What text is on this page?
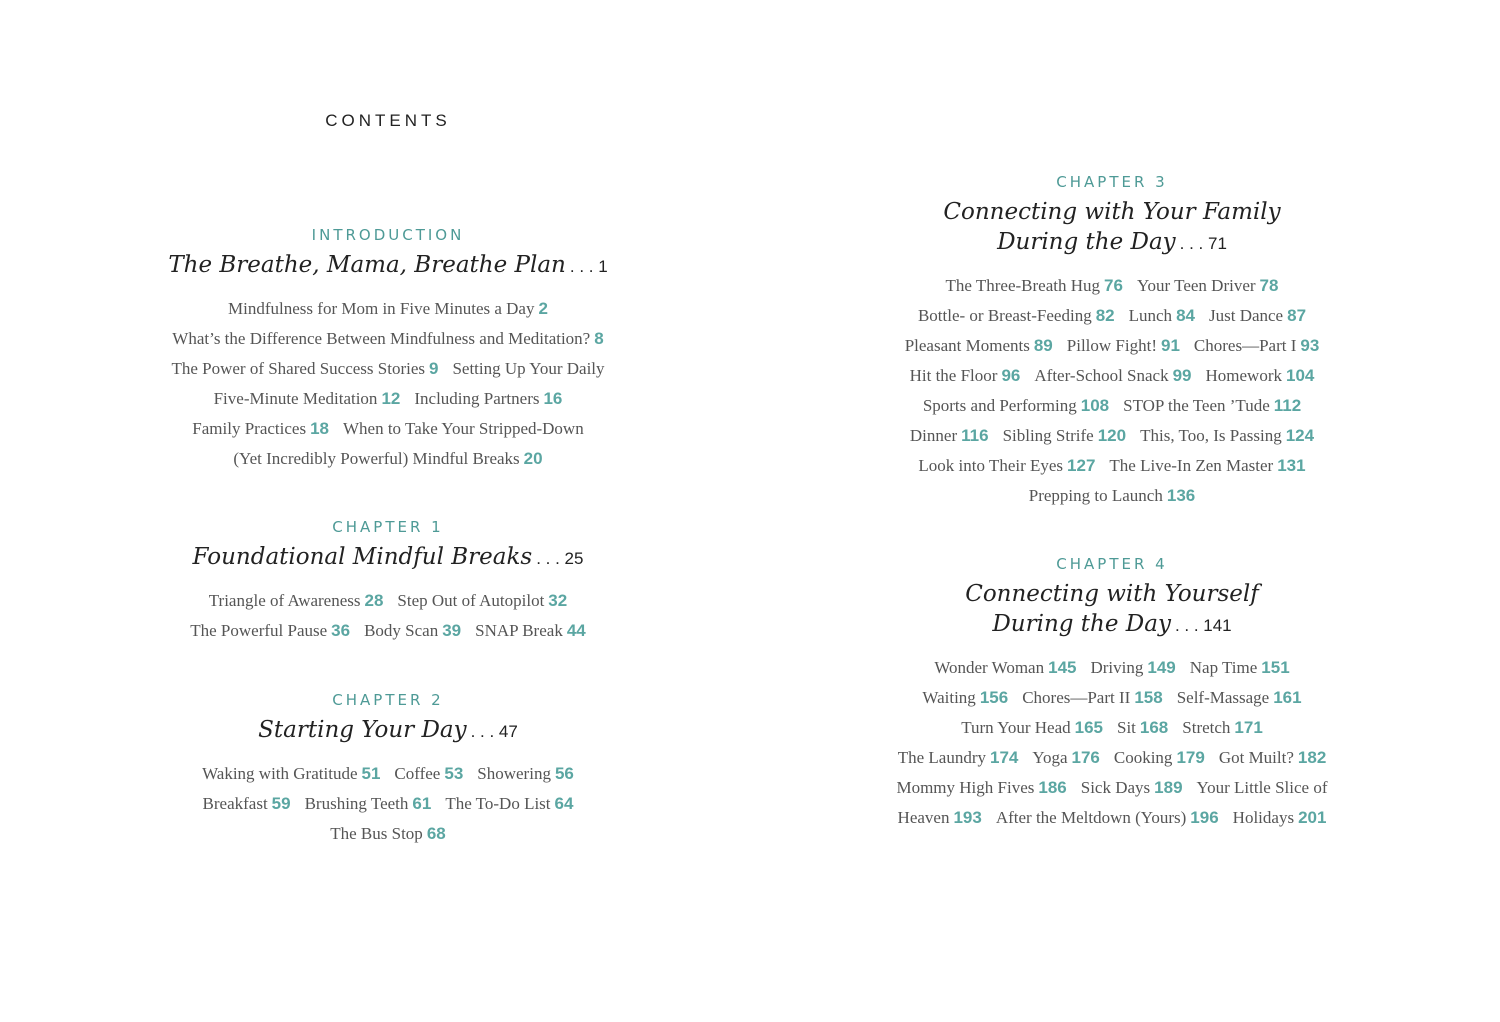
CONTENTS
INTRODUCTION
The Breathe, Mama, Breathe Plan . . . 1
Mindfulness for Mom in Five Minutes a Day 2
What’s the Difference Between Mindfulness and Meditation? 8
The Power of Shared Success Stories 9 Setting Up Your Daily
Five-Minute Meditation 12 Including Partners 16
Family Practices 18 When to Take Your Stripped-Down
(Yet Incredibly Powerful) Mindful Breaks 20
CHAPTER 1
Foundational Mindful Breaks . . . 25
Triangle of Awareness 28 Step Out of Autopilot 32
The Powerful Pause 36 Body Scan 39 SNAP Break 44
CHAPTER 2
Starting Your Day . . . 47
Waking with Gratitude 51 Coffee 53 Showering 56
Breakfast 59 Brushing Teeth 61 The To-Do List 64
The Bus Stop 68
CHAPTER 3
Connecting with Your Family
During the Day . . . 71
The Three-Breath Hug 76 Your Teen Driver 78
Bottle- or Breast-Feeding 82 Lunch 84 Just Dance 87
Pleasant Moments 89 Pillow Fight! 91 Chores—Part I 93
Hit the Floor 96 After-School Snack 99 Homework 104
Sports and Performing 108 STOP the Teen ’Tude 112
Dinner 116 Sibling Strife 120 This, Too, Is Passing 124
Look into Their Eyes 127 The Live-In Zen Master 131
Prepping to Launch 136
CHAPTER 4
Connecting with Yourself
During the Day . . . 141
Wonder Woman 145 Driving 149 Nap Time 151
Waiting 156 Chores—Part II 158 Self-Massage 161
Turn Your Head 165 Sit 168 Stretch 171
The Laundry 174 Yoga 176 Cooking 179 Got Muilt? 182
Mommy High Fives 186 Sick Days 189 Your Little Slice of
Heaven 193 After the Meltdown (Yours) 196 Holidays 201
